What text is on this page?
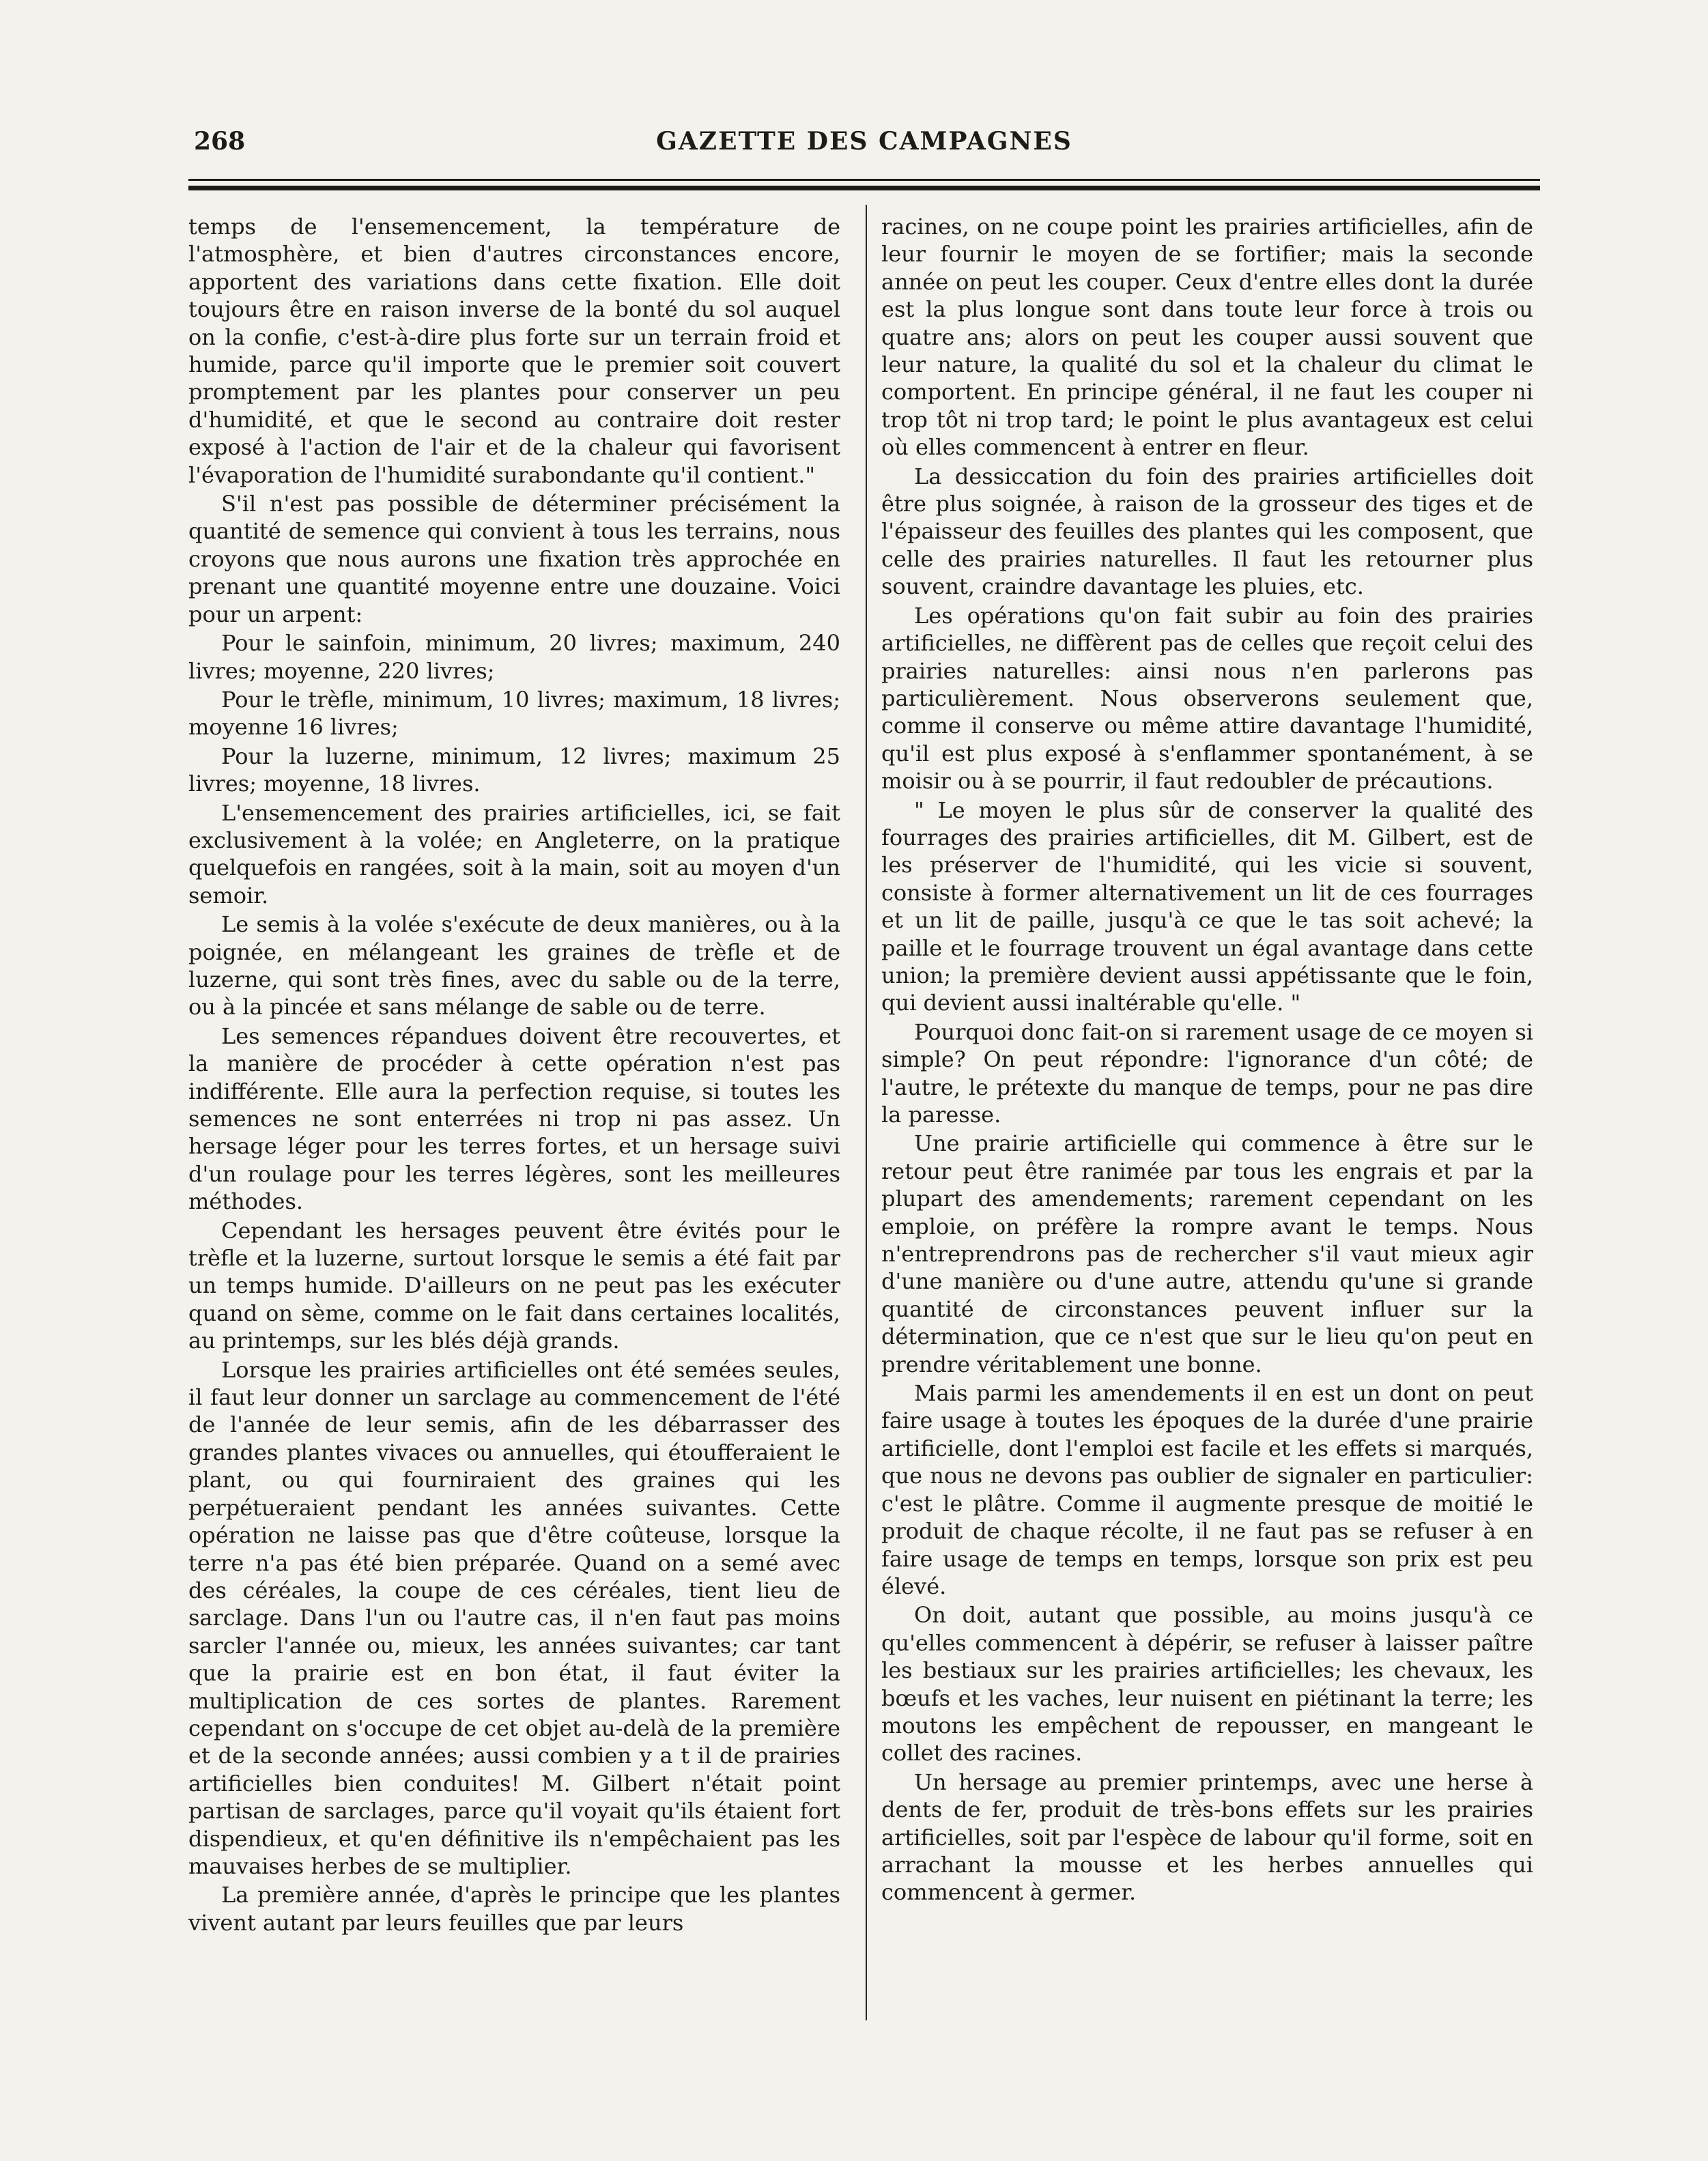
268	GAZETTE DES CAMPAGNES

temps de l'ensemencement, la température de l'atmosphère, et bien d'autres circonstances encore, apportent des variations dans cette fixation. Elle doit toujours être en raison inverse de la bonté du sol auquel on la confie, c'est-à-dire plus forte sur un terrain froid et humide, parce qu'il importe que le premier soit couvert promptement par les plantes pour conserver un peu d'humidité, et que le second au contraire doit rester exposé à l'action de l'air et de la chaleur qui favorisent l'évaporation de l'humidité surabondante qu'il contient."

S'il n'est pas possible de déterminer précisément la quantité de semence qui convient à tous les terrains, nous croyons que nous aurons une fixation très approchée en prenant une quantité moyenne entre une douzaine. Voici pour un arpent:

Pour le sainfoin, minimum, 20 livres; maximum, 240 livres; moyenne, 220 livres;

Pour le trèfle, minimum, 10 livres; maximum, 18 livres; moyenne 16 livres;

Pour la luzerne, minimum, 12 livres; maximum 25 livres; moyenne, 18 livres.

L'ensemencement des prairies artificielles, ici, se fait exclusivement à la volée; en Angleterre, on la pratique quelquefois en rangées, soit à la main, soit au moyen d'un semoir.

Le semis à la volée s'exécute de deux manières, ou à la poignée, en mélangeant les graines de trèfle et de luzerne, qui sont très fines, avec du sable ou de la terre, ou à la pincée et sans mélange de sable ou de terre.

Les semences répandues doivent être recouvertes, et la manière de procéder à cette opération n'est pas indifférente. Elle aura la perfection requise, si toutes les semences ne sont enterrées ni trop ni pas assez. Un hersage léger pour les terres fortes, et un hersage suivi d'un roulage pour les terres légères, sont les meilleures méthodes.

Cependant les hersages peuvent être évités pour le trèfle et la luzerne, surtout lorsque le semis a été fait par un temps humide. D'ailleurs on ne peut pas les exécuter quand on sème, comme on le fait dans certaines localités, au printemps, sur les blés déjà grands.

Lorsque les prairies artificielles ont été semées seules, il faut leur donner un sarclage au commencement de l'été de l'année de leur semis, afin de les débarrasser des grandes plantes vivaces ou annuelles, qui étoufferaient le plant, ou qui fourniraient des graines qui les perpétueraient pendant les années suivantes. Cette opération ne laisse pas que d'être coûteuse, lorsque la terre n'a pas été bien préparée. Quand on a semé avec des céréales, la coupe de ces céréales, tient lieu de sarclage. Dans l'un ou l'autre cas, il n'en faut pas moins sarcler l'année ou, mieux, les années suivantes; car tant que la prairie est en bon état, il faut éviter la multiplication de ces sortes de plantes. Rarement cependant on s'occupe de cet objet au-delà de la première et de la seconde années; aussi combien y a t il de prairies artificielles bien conduites! M. Gilbert n'était point partisan de sarclages, parce qu'il voyait qu'ils étaient fort dispendieux, et qu'en définitive ils n'empêchaient pas les mauvaises herbes de se multiplier.

La première année, d'après le principe que les plantes vivent autant par leurs feuilles que par leurs

racines, on ne coupe point les prairies artificielles, afin de leur fournir le moyen de se fortifier; mais la seconde année on peut les couper. Ceux d'entre elles dont la durée est la plus longue sont dans toute leur force à trois ou quatre ans; alors on peut les couper aussi souvent que leur nature, la qualité du sol et la chaleur du climat le comportent. En principe général, il ne faut les couper ni trop tôt ni trop tard; le point le plus avantageux est celui où elles commencent à entrer en fleur.

La dessiccation du foin des prairies artificielles doit être plus soignée, à raison de la grosseur des tiges et de l'épaisseur des feuilles des plantes qui les composent, que celle des prairies naturelles. Il faut les retourner plus souvent, craindre davantage les pluies, etc.

Les opérations qu'on fait subir au foin des prairies artificielles, ne diffèrent pas de celles que reçoit celui des prairies naturelles: ainsi nous n'en parlerons pas particulièrement. Nous observerons seulement que, comme il conserve ou même attire davantage l'humidité, qu'il est plus exposé à s'enflammer spontanément, à se moisir ou à se pourrir, il faut redoubler de précautions.

" Le moyen le plus sûr de conserver la qualité des fourrages des prairies artificielles, dit M. Gilbert, est de les préserver de l'humidité, qui les vicie si souvent, consiste à former alternativement un lit de ces fourrages et un lit de paille, jusqu'à ce que le tas soit achevé; la paille et le fourrage trouvent un égal avantage dans cette union; la première devient aussi appétissante que le foin, qui devient aussi inaltérable qu'elle. "

Pourquoi donc fait-on si rarement usage de ce moyen si simple? On peut répondre: l'ignorance d'un côté; de l'autre, le prétexte du manque de temps, pour ne pas dire la paresse.

Une prairie artificielle qui commence à être sur le retour peut être ranimée par tous les engrais et par la plupart des amendements; rarement cependant on les emploie, on préfère la rompre avant le temps. Nous n'entreprendrons pas de rechercher s'il vaut mieux agir d'une manière ou d'une autre, attendu qu'une si grande quantité de circonstances peuvent influer sur la détermination, que ce n'est que sur le lieu qu'on peut en prendre véritablement une bonne.

Mais parmi les amendements il en est un dont on peut faire usage à toutes les époques de la durée d'une prairie artificielle, dont l'emploi est facile et les effets si marqués, que nous ne devons pas oublier de signaler en particulier: c'est le plâtre. Comme il augmente presque de moitié le produit de chaque récolte, il ne faut pas se refuser à en faire usage de temps en temps, lorsque son prix est peu élevé.

On doit, autant que possible, au moins jusqu'à ce qu'elles commencent à dépérir, se refuser à laisser paître les bestiaux sur les prairies artificielles; les chevaux, les bœufs et les vaches, leur nuisent en piétinant la terre; les moutons les empêchent de repousser, en mangeant le collet des racines.

Un hersage au premier printemps, avec une herse à dents de fer, produit de très-bons effets sur les prairies artificielles, soit par l'espèce de labour qu'il forme, soit en arrachant la mousse et les herbes annuelles qui commencent à germer.
